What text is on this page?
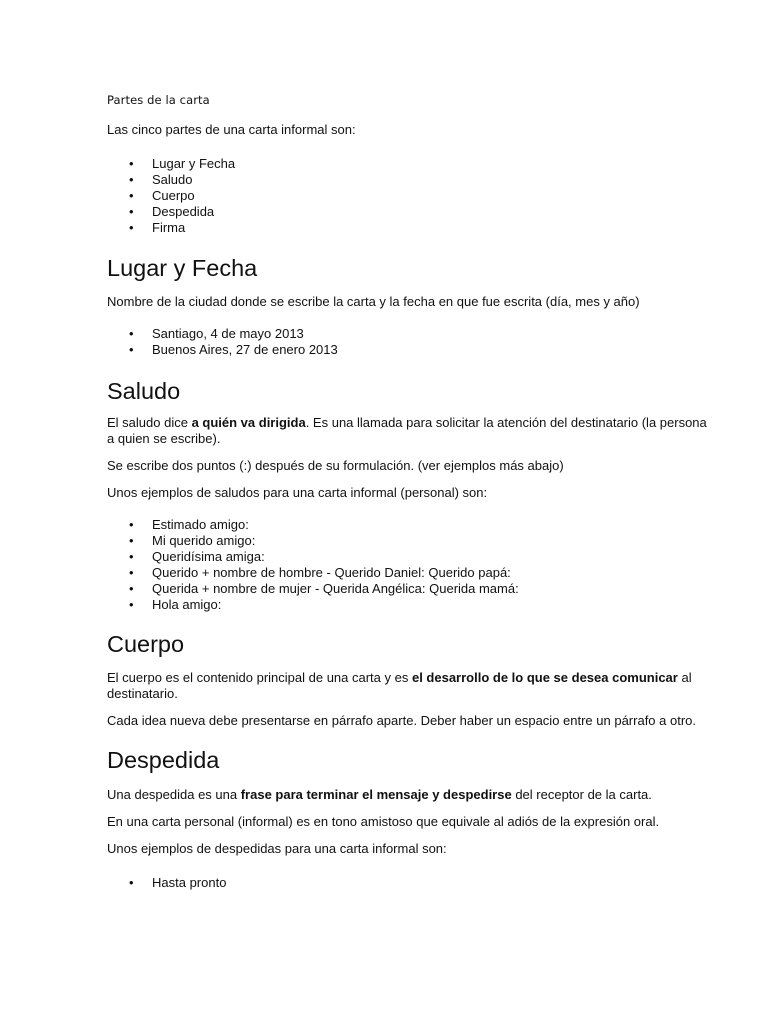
Partes de la carta

Las cinco partes de una carta informal son:

• Lugar y Fecha
• Saludo
• Cuerpo
• Despedida
• Firma
Lugar y Fecha

Nombre de la ciudad donde se escribe la carta y la fecha en que fue escrita (día, mes y año)

• Santiago, 4 de mayo 2013
• Buenos Aires, 27 de enero 2013
Saludo

El saludo dice a quién va dirigida. Es una llamada para solicitar la atención del destinatario (la persona a quien se escribe).

Se escribe dos puntos (:) después de su formulación. (ver ejemplos más abajo)

Unos ejemplos de saludos para una carta informal (personal) son:

• Estimado amigo:
• Mi querido amigo:
• Queridísima amiga:
• Querido + nombre de hombre - Querido Daniel: Querido papá:
• Querida + nombre de mujer - Querida Angélica: Querida mamá:
• Hola amigo:
Cuerpo

El cuerpo es el contenido principal de una carta y es el desarrollo de lo que se desea comunicar al destinatario.

Cada idea nueva debe presentarse en párrafo aparte. Deber haber un espacio entre un párrafo a otro.

Despedida

Una despedida es una frase para terminar el mensaje y despedirse del receptor de la carta.

En una carta personal (informal) es en tono amistoso que equivale al adiós de la expresión oral.

Unos ejemplos de despedidas para una carta informal son:

• Hasta pronto
